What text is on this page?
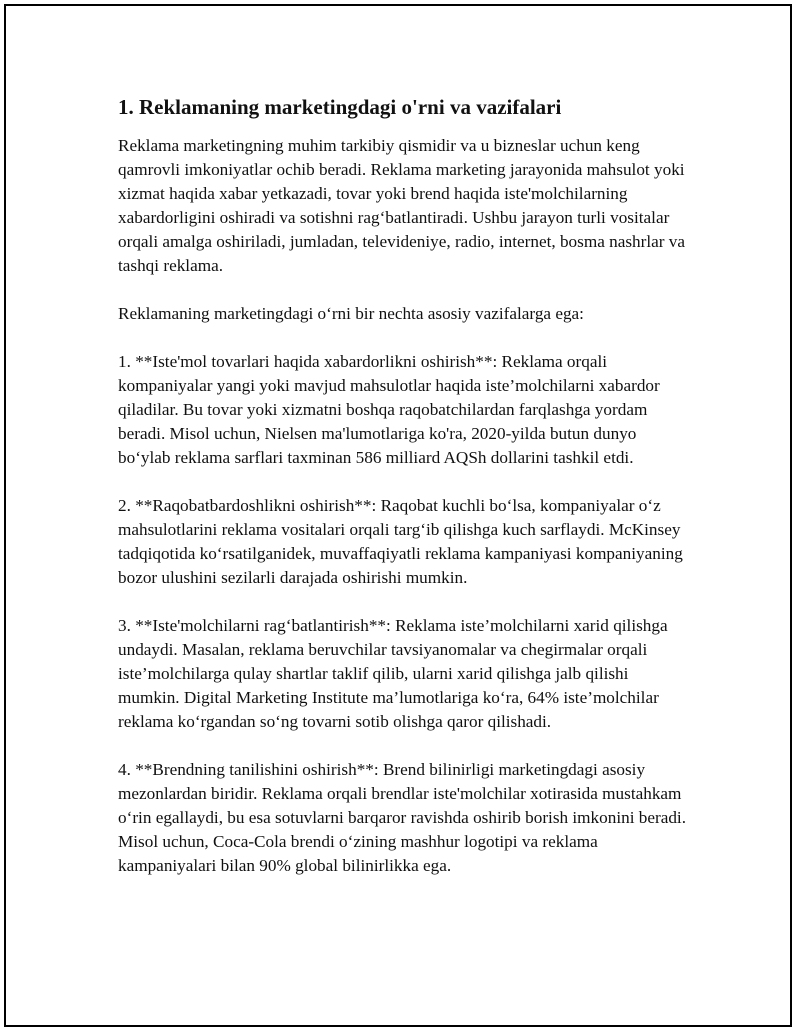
1. Reklamaning marketingdagi o'rni va vazifalari

Reklama marketingning muhim tarkibiy qismidir va u bizneslar uchun keng qamrovli imkoniyatlar ochib beradi. Reklama marketing jarayonida mahsulot yoki xizmat haqida xabar yetkazadi, tovar yoki brend haqida iste'molchilarning xabardorligini oshiradi va sotishni rag‘batlantiradi. Ushbu jarayon turli vositalar orqali amalga oshiriladi, jumladan, televideniye, radio, internet, bosma nashrlar va tashqi reklama.

Reklamaning marketingdagi o‘rni bir nechta asosiy vazifalarga ega:

1. **Iste'mol tovarlari haqida xabardorlikni oshirish**: Reklama orqali kompaniyalar yangi yoki mavjud mahsulotlar haqida iste’molchilarni xabardor qiladilar. Bu tovar yoki xizmatni boshqa raqobatchilardan farqlashga yordam beradi. Misol uchun, Nielsen ma'lumotlariga ko'ra, 2020-yilda butun dunyo bo‘ylab reklama sarflari taxminan 586 milliard AQSh dollarini tashkil etdi.

2. **Raqobatbardoshlikni oshirish**: Raqobat kuchli bo‘lsa, kompaniyalar o‘z mahsulotlarini reklama vositalari orqali targ‘ib qilishga kuch sarflaydi. McKinsey tadqiqotida ko‘rsatilganidek, muvaffaqiyatli reklama kampaniyasi kompaniyaning bozor ulushini sezilarli darajada oshirishi mumkin.

3. **Iste'molchilarni rag‘batlantirish**: Reklama iste’molchilarni xarid qilishga undaydi. Masalan, reklama beruvchilar tavsiyanomalar va chegirmalar orqali iste’molchilarga qulay shartlar taklif qilib, ularni xarid qilishga jalb qilishi mumkin. Digital Marketing Institute ma’lumotlariga ko‘ra, 64% iste’molchilar reklama ko‘rgandan so‘ng tovarni sotib olishga qaror qilishadi.

4. **Brendning tanilishini oshirish**: Brend bilinirligi marketingdagi asosiy mezonlardan biridir. Reklama orqali brendlar iste'molchilar xotirasida mustahkam o‘rin egallaydi, bu esa sotuvlarni barqaror ravishda oshirib borish imkonini beradi. Misol uchun, Coca-Cola brendi o‘zining mashhur logotipi va reklama kampaniyalari bilan 90% global bilinirlikka ega.
